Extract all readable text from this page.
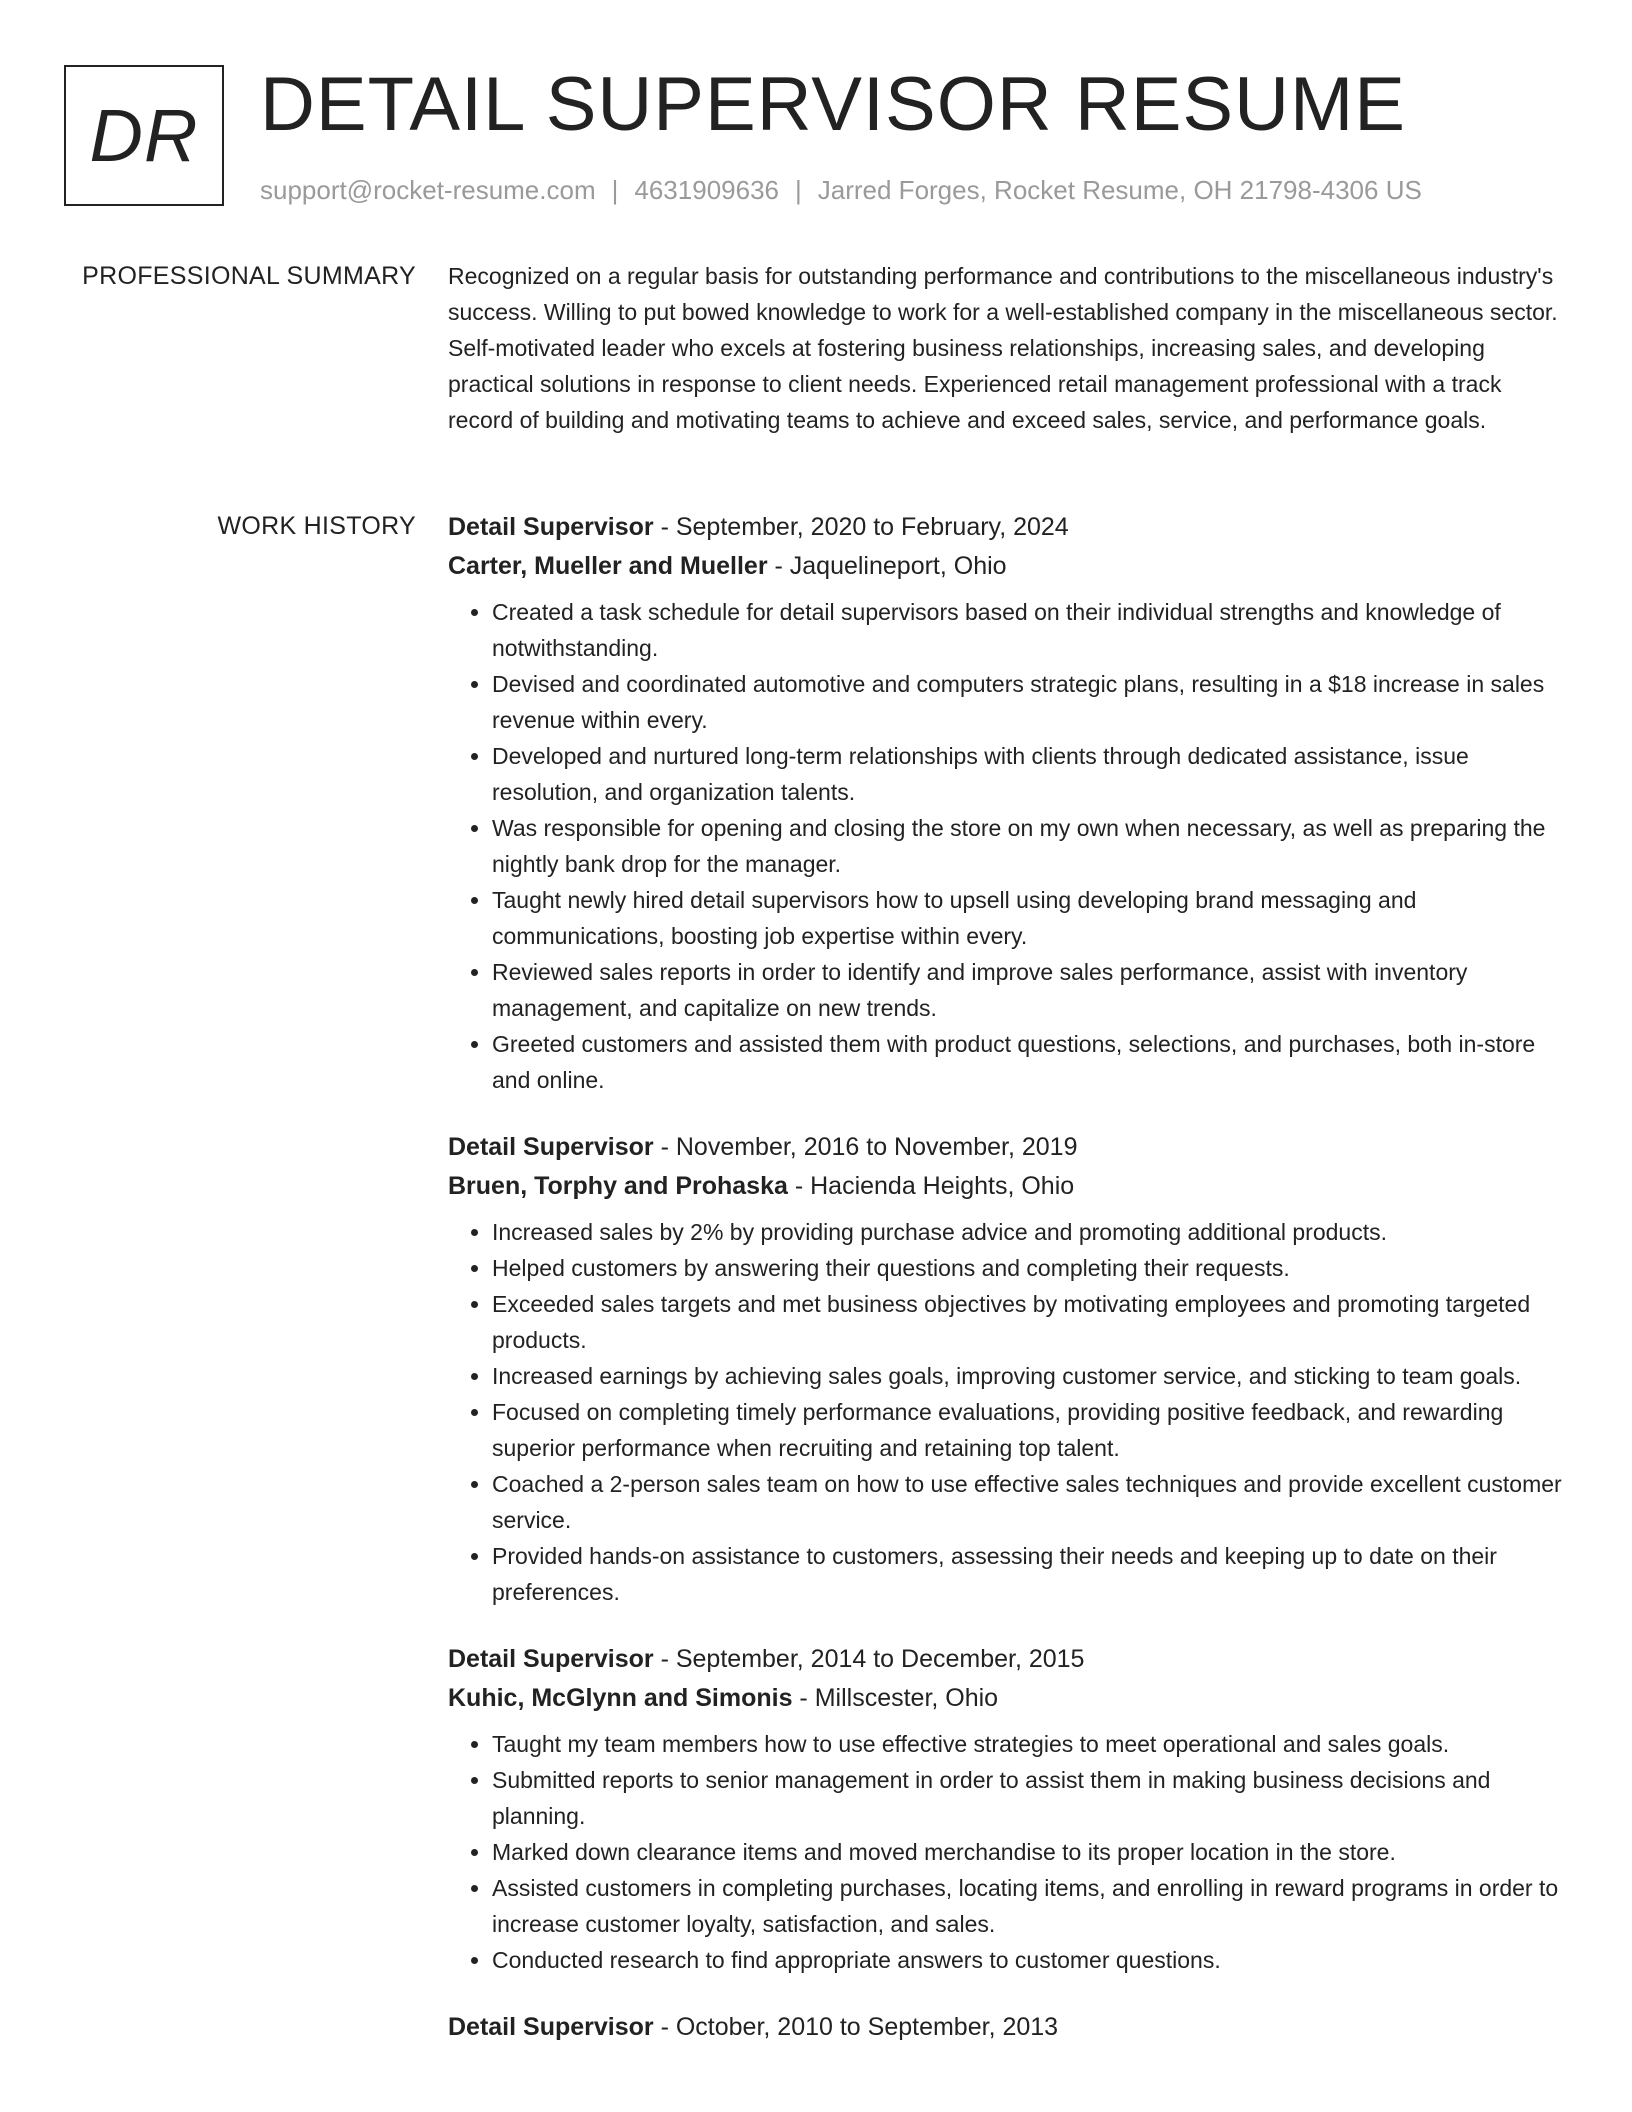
DR DETAIL SUPERVISOR RESUME
support@rocket-resume.com | 4631909636 | Jarred Forges, Rocket Resume, OH 21798-4306 US
PROFESSIONAL SUMMARY Recognized on a regular basis for outstanding performance and contributions to the miscellaneous industry's success. Willing to put bowed knowledge to work for a well-established company in the miscellaneous sector. Self-motivated leader who excels at fostering business relationships, increasing sales, and developing practical solutions in response to client needs. Experienced retail management professional with a track record of building and motivating teams to achieve and exceed sales, service, and performance goals.

WORK HISTORY Detail Supervisor - September, 2020 to February, 2024
Carter, Mueller and Mueller - Jaquelineport, Ohio
• Created a task schedule for detail supervisors based on their individual strengths and knowledge of notwithstanding.
• Devised and coordinated automotive and computers strategic plans, resulting in a $18 increase in sales revenue within every.
• Developed and nurtured long-term relationships with clients through dedicated assistance, issue resolution, and organization talents.
• Was responsible for opening and closing the store on my own when necessary, as well as preparing the nightly bank drop for the manager.
• Taught newly hired detail supervisors how to upsell using developing brand messaging and communications, boosting job expertise within every.
• Reviewed sales reports in order to identify and improve sales performance, assist with inventory management, and capitalize on new trends.
• Greeted customers and assisted them with product questions, selections, and purchases, both in-store and online.
Detail Supervisor - November, 2016 to November, 2019
Bruen, Torphy and Prohaska - Hacienda Heights, Ohio
• Increased sales by 2% by providing purchase advice and promoting additional products.
• Helped customers by answering their questions and completing their requests.
• Exceeded sales targets and met business objectives by motivating employees and promoting targeted products.
• Increased earnings by achieving sales goals, improving customer service, and sticking to team goals.
• Focused on completing timely performance evaluations, providing positive feedback, and rewarding superior performance when recruiting and retaining top talent.
• Coached a 2-person sales team on how to use effective sales techniques and provide excellent customer service.
• Provided hands-on assistance to customers, assessing their needs and keeping up to date on their preferences.
Detail Supervisor - September, 2014 to December, 2015
Kuhic, McGlynn and Simonis - Millscester, Ohio
• Taught my team members how to use effective strategies to meet operational and sales goals.
• Submitted reports to senior management in order to assist them in making business decisions and planning.
• Marked down clearance items and moved merchandise to its proper location in the store.
• Assisted customers in completing purchases, locating items, and enrolling in reward programs in order to increase customer loyalty, satisfaction, and sales.
• Conducted research to find appropriate answers to customer questions.
Detail Supervisor - October, 2010 to September, 2013
